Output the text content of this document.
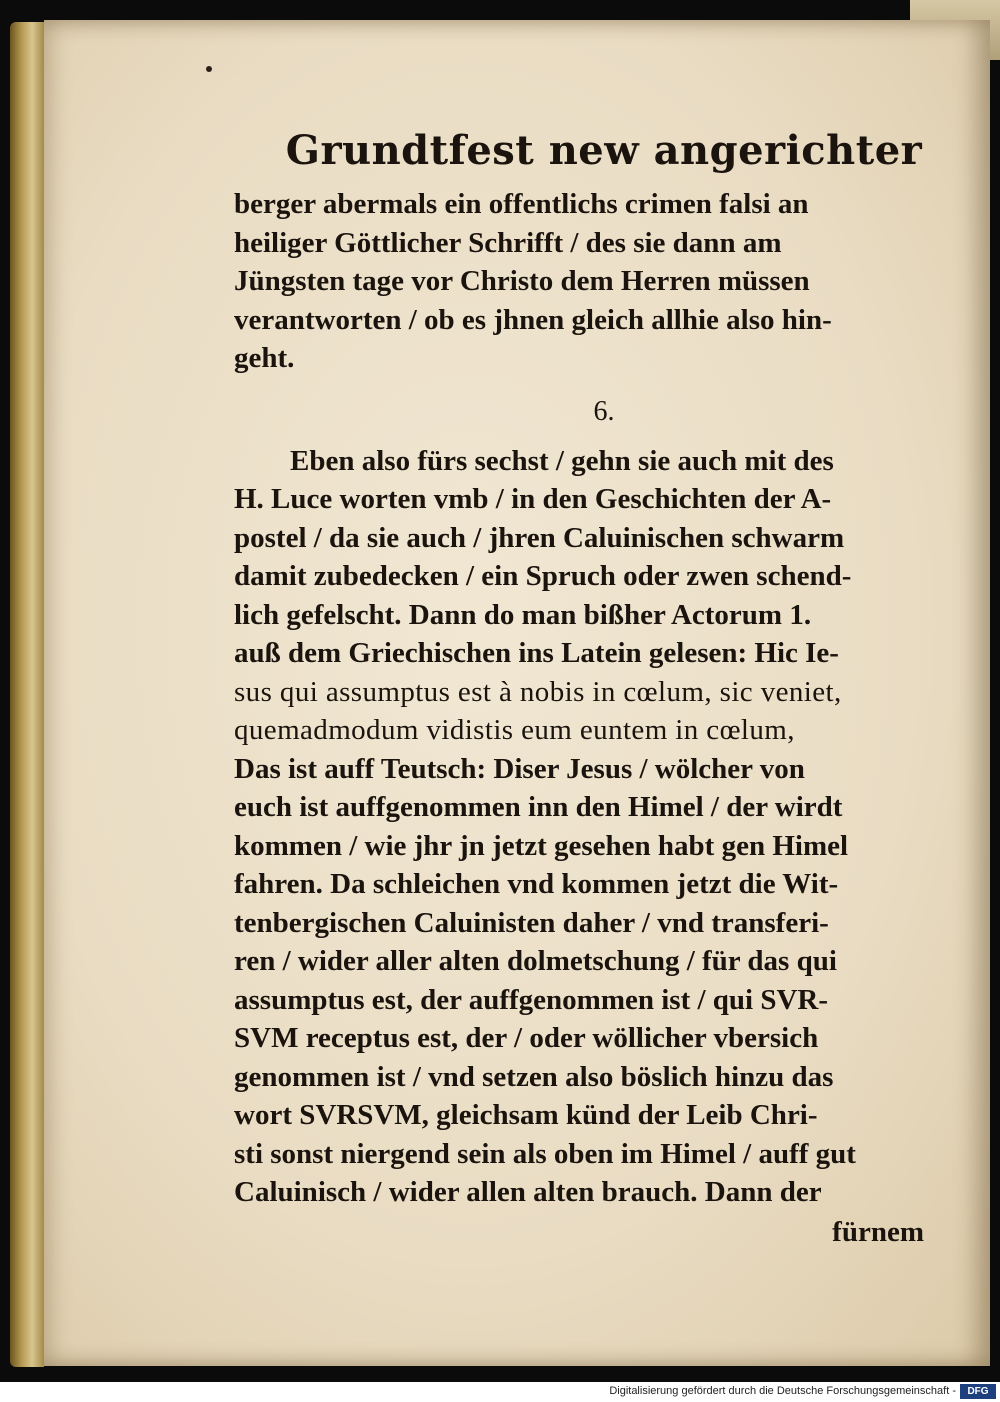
Grundtfest new angerichter
berger abermals ein offentlichs crimen falsi an
heiliger Göttlicher Schrifft / des sie dann am
Jüngsten tage vor Christo dem Herren müssen
verantworten / ob es jhnen gleich allhie also hin-
geht.
6.
Eben also fürs sechst / gehn sie auch mit des
H. Luce worten vmb / in den Geschichten der A-
postel / da sie auch / jhren Caluinischen schwarm
damit zubedecken / ein Spruch oder zwen schend-
lich gefelscht. Dann do man bißher Actorum 1.
auß dem Griechischen ins Latein gelesen: Hic Ie-
sus qui assumptus est à nobis in cœlum, sic veniet,
quemadmodum vidistis eum euntem in cœlum,
Das ist auff Teutsch: Diser Jesus / wölcher von
euch ist auffgenommen inn den Himel / der wirdt
kommen / wie jhr jn jetzt gesehen habt gen Himel
fahren. Da schleichen vnd kommen jetzt die Wit-
tenbergischen Caluinisten daher / vnd transferi-
ren / wider aller alten dolmetschung / für das qui
assumptus est, der auffgenommen ist / qui SVR-
SVM receptus est, der / oder wöllicher vbersich
genommen ist / vnd setzen also böslich hinzu das
wort SVRSVM, gleichsam künd der Leib Chri-
sti sonst niergend sein als oben im Himel / auff gut
Caluinisch / wider allen alten brauch. Dann der
fürnem
Digitalisierung gefördert durch die Deutsche Forschungsgemeinschaft -	DFG
